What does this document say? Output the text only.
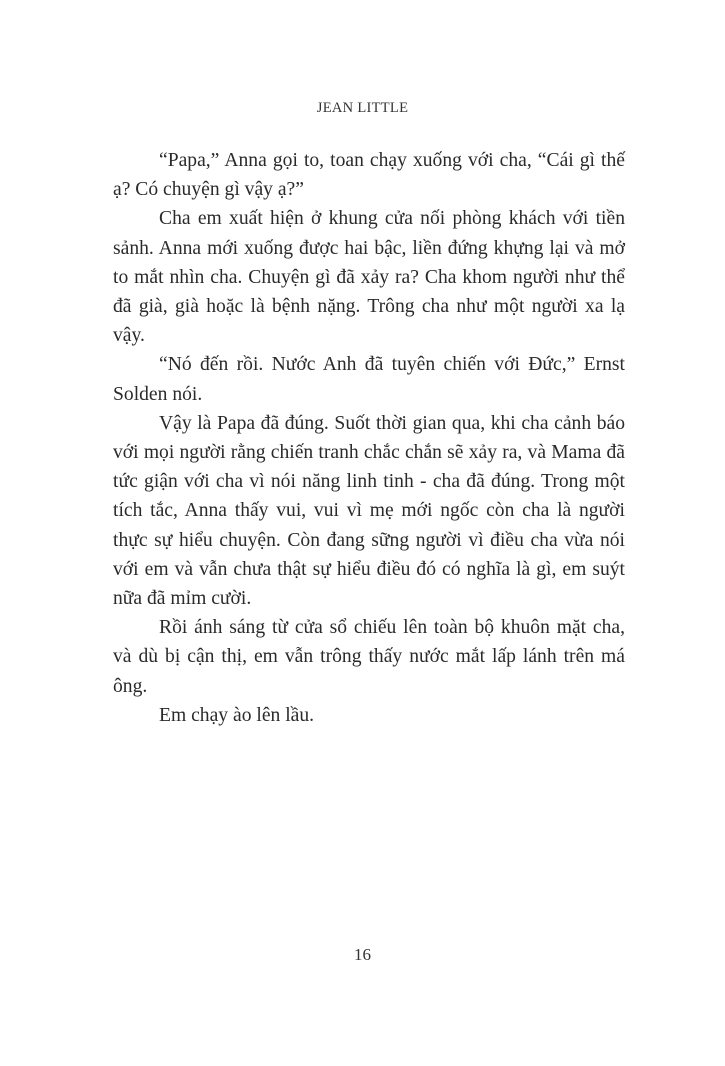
JEAN LITTLE

“Papa,” Anna gọi to, toan chạy xuống với cha, “Cái gì thế ạ? Có chuyện gì vậy ạ?”

Cha em xuất hiện ở khung cửa nối phòng khách với tiền sảnh. Anna mới xuống được hai bậc, liền đứng khựng lại và mở to mắt nhìn cha. Chuyện gì đã xảy ra? Cha khom người như thể đã già, già hoặc là bệnh nặng. Trông cha như một người xa lạ vậy.

“Nó đến rồi. Nước Anh đã tuyên chiến với Đức,” Ernst Solden nói.

Vậy là Papa đã đúng. Suốt thời gian qua, khi cha cảnh báo với mọi người rằng chiến tranh chắc chắn sẽ xảy ra, và Mama đã tức giận với cha vì nói năng linh tinh - cha đã đúng. Trong một tích tắc, Anna thấy vui, vui vì mẹ mới ngốc còn cha là người thực sự hiểu chuyện. Còn đang sững người vì điều cha vừa nói với em và vẫn chưa thật sự hiểu điều đó có nghĩa là gì, em suýt nữa đã mỉm cười.

Rồi ánh sáng từ cửa sổ chiếu lên toàn bộ khuôn mặt cha, và dù bị cận thị, em vẫn trông thấy nước mắt lấp lánh trên má ông.

Em chạy ào lên lầu.

16
